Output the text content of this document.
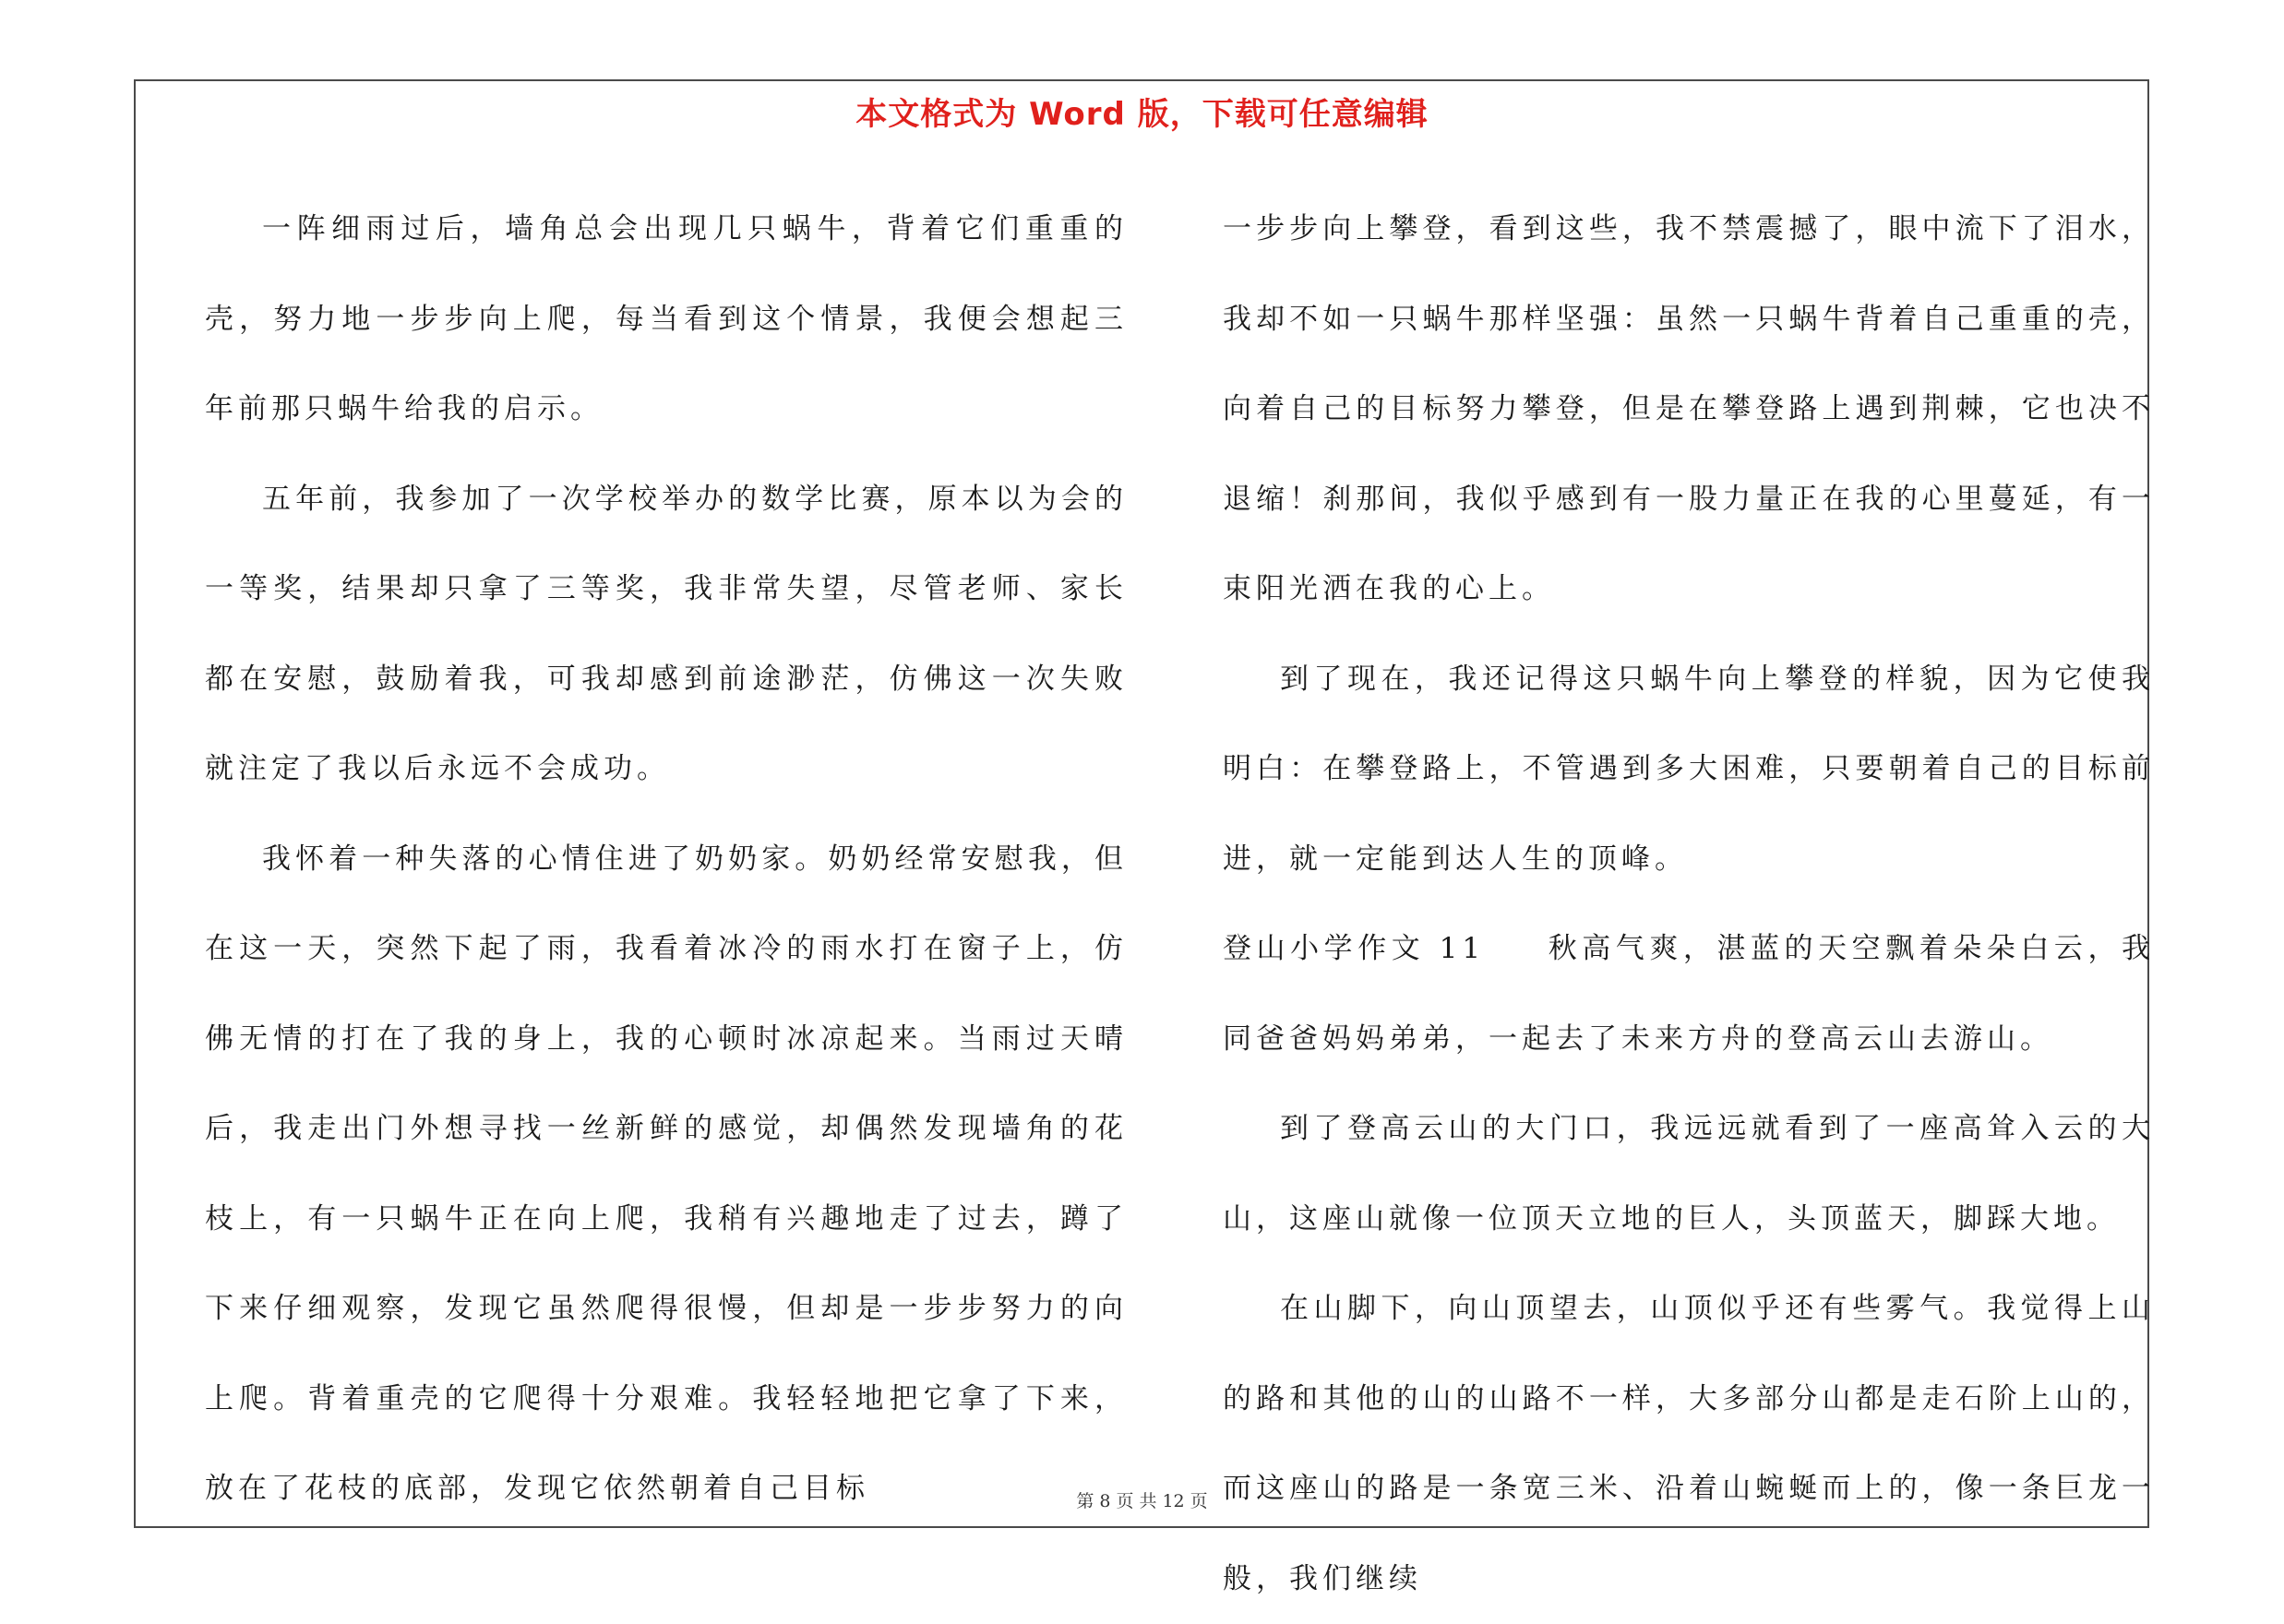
本文格式为 Word 版，下载可任意编辑

一阵细雨过后，墙角总会出现几只蜗牛，背着它们重重的壳，努力地一步步向上爬，每当看到这个情景，我便会想起三年前那只蜗牛给我的启示。

五年前，我参加了一次学校举办的数学比赛，原本以为会的一等奖，结果却只拿了三等奖，我非常失望，尽管老师、家长都在安慰，鼓励着我，可我却感到前途渺茫，仿佛这一次失败就注定了我以后永远不会成功。

我怀着一种失落的心情住进了奶奶家。奶奶经常安慰我，但在这一天，突然下起了雨，我看着冰冷的雨水打在窗子上，仿佛无情的打在了我的身上，我的心顿时冰凉起来。当雨过天晴后，我走出门外想寻找一丝新鲜的感觉，却偶然发现墙角的花枝上，有一只蜗牛正在向上爬，我稍有兴趣地走了过去，蹲了下来仔细观察，发现它虽然爬得很慢，但却是一步步努力的向上爬。背着重壳的它爬得十分艰难。我轻轻地把它拿了下来，放在了花枝的底部，发现它依然朝着自己目标

一步步向上攀登，看到这些，我不禁震撼了，眼中流下了泪水，我却不如一只蜗牛那样坚强：虽然一只蜗牛背着自己重重的壳，向着自己的目标努力攀登，但是在攀登路上遇到荆棘，它也决不退缩！刹那间，我似乎感到有一股力量正在我的心里蔓延，有一束阳光洒在我的心上。

到了现在，我还记得这只蜗牛向上攀登的样貌，因为它使我明白：在攀登路上，不管遇到多大困难，只要朝着自己的目标前进，就一定能到达人生的顶峰。

登山小学作文 11 秋高气爽，湛蓝的天空飘着朵朵白云，我同爸爸妈妈弟弟，一起去了未来方舟的登高云山去游山。

到了登高云山的大门口，我远远就看到了一座高耸入云的大山，这座山就像一位顶天立地的巨人，头顶蓝天，脚踩大地。

在山脚下，向山顶望去，山顶似乎还有些雾气。我觉得上山的路和其他的山的山路不一样，大多部分山都是走石阶上山的，而这座山的路是一条宽三米、沿着山蜿蜒而上的，像一条巨龙一般，我们继续

第 8 页 共 12 页
